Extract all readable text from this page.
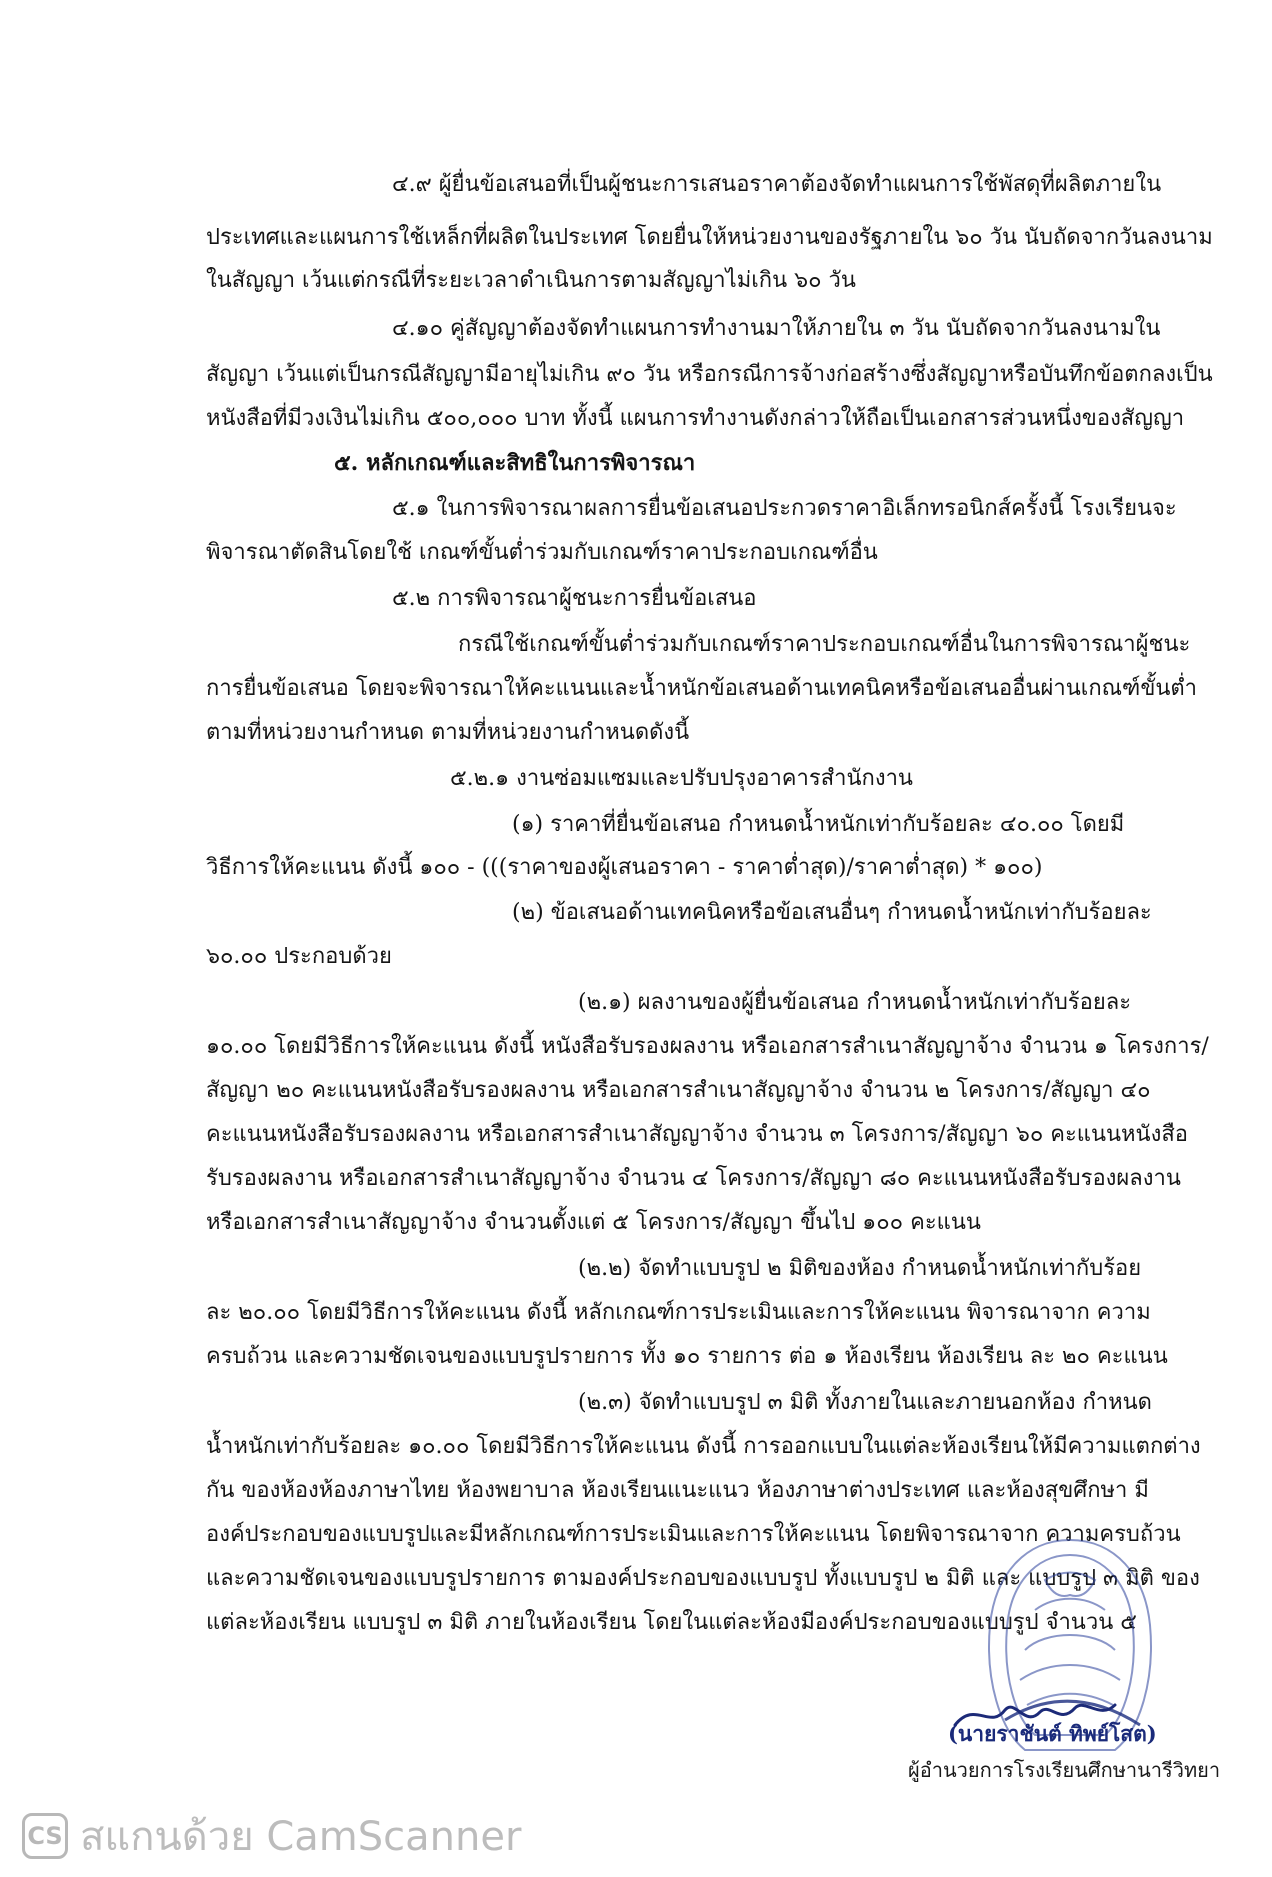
๔.๙ ผู้ยื่นข้อเสนอที่เป็นผู้ชนะการเสนอราคาต้องจัดทำแผนการใช้พัสดุที่ผลิตภายใน

ประเทศและแผนการใช้เหล็กที่ผลิตในประเทศ โดยยื่นให้หน่วยงานของรัฐภายใน ๖๐ วัน นับถัดจากวันลงนาม

ในสัญญา เว้นแต่กรณีที่ระยะเวลาดำเนินการตามสัญญาไม่เกิน ๖๐ วัน

๔.๑๐ คู่สัญญาต้องจัดทำแผนการทำงานมาให้ภายใน ๓ วัน นับถัดจากวันลงนามใน

สัญญา เว้นแต่เป็นกรณีสัญญามีอายุไม่เกิน ๙๐ วัน หรือกรณีการจ้างก่อสร้างซึ่งสัญญาหรือบันทึกข้อตกลงเป็น

หนังสือที่มีวงเงินไม่เกิน ๕๐๐,๐๐๐ บาท ทั้งนี้ แผนการทำงานดังกล่าวให้ถือเป็นเอกสารส่วนหนึ่งของสัญญา

๕. หลักเกณฑ์และสิทธิในการพิจารณา

๕.๑ ในการพิจารณาผลการยื่นข้อเสนอประกวดราคาอิเล็กทรอนิกส์ครั้งนี้ โรงเรียนจะ

พิจารณาตัดสินโดยใช้ เกณฑ์ขั้นต่ำร่วมกับเกณฑ์ราคาประกอบเกณฑ์อื่น

๕.๒ การพิจารณาผู้ชนะการยื่นข้อเสนอ

กรณีใช้เกณฑ์ขั้นต่ำร่วมกับเกณฑ์ราคาประกอบเกณฑ์อื่นในการพิจารณาผู้ชนะ

การยื่นข้อเสนอ โดยจะพิจารณาให้คะแนนและน้ำหนักข้อเสนอด้านเทคนิคหรือข้อเสนออื่นผ่านเกณฑ์ขั้นต่ำ

ตามที่หน่วยงานกำหนด ตามที่หน่วยงานกำหนดดังนี้

๕.๒.๑ งานซ่อมแซมและปรับปรุงอาคารสำนักงาน

(๑) ราคาที่ยื่นข้อเสนอ กำหนดน้ำหนักเท่ากับร้อยละ ๔๐.๐๐ โดยมี

วิธีการให้คะแนน ดังนี้ ๑๐๐ - (((ราคาของผู้เสนอราคา - ราคาต่ำสุด)/ราคาต่ำสุด) * ๑๐๐)

(๒) ข้อเสนอด้านเทคนิคหรือข้อเสนอื่นๆ กำหนดน้ำหนักเท่ากับร้อยละ

๖๐.๐๐ ประกอบด้วย

(๒.๑) ผลงานของผู้ยื่นข้อเสนอ กำหนดน้ำหนักเท่ากับร้อยละ

๑๐.๐๐ โดยมีวิธีการให้คะแนน ดังนี้ หนังสือรับรองผลงาน หรือเอกสารสำเนาสัญญาจ้าง จำนวน ๑ โครงการ/

สัญญา ๒๐ คะแนนหนังสือรับรองผลงาน หรือเอกสารสำเนาสัญญาจ้าง จำนวน ๒ โครงการ/สัญญา ๔๐

คะแนนหนังสือรับรองผลงาน หรือเอกสารสำเนาสัญญาจ้าง จำนวน ๓ โครงการ/สัญญา ๖๐ คะแนนหนังสือ

รับรองผลงาน หรือเอกสารสำเนาสัญญาจ้าง จำนวน ๔ โครงการ/สัญญา ๘๐ คะแนนหนังสือรับรองผลงาน

หรือเอกสารสำเนาสัญญาจ้าง จำนวนตั้งแต่ ๕ โครงการ/สัญญา ขึ้นไป ๑๐๐ คะแนน

(๒.๒) จัดทำแบบรูป ๒ มิติของห้อง กำหนดน้ำหนักเท่ากับร้อย

ละ ๒๐.๐๐ โดยมีวิธีการให้คะแนน ดังนี้ หลักเกณฑ์การประเมินและการให้คะแนน พิจารณาจาก ความ

ครบถ้วน และความชัดเจนของแบบรูปรายการ ทั้ง ๑๐ รายการ ต่อ ๑ ห้องเรียน ห้องเรียน ละ ๒๐ คะแนน

(๒.๓) จัดทำแบบรูป ๓ มิติ ทั้งภายในและภายนอกห้อง กำหนด

น้ำหนักเท่ากับร้อยละ ๑๐.๐๐ โดยมีวิธีการให้คะแนน ดังนี้ การออกแบบในแต่ละห้องเรียนให้มีความแตกต่าง

กัน ของห้องห้องภาษาไทย ห้องพยาบาล ห้องเรียนแนะแนว ห้องภาษาต่างประเทศ และห้องสุขศึกษา มี

องค์ประกอบของแบบรูปและมีหลักเกณฑ์การประเมินและการให้คะแนน โดยพิจารณาจาก ความครบถ้วน

และความชัดเจนของแบบรูปรายการ ตามองค์ประกอบของแบบรูป ทั้งแบบรูป ๒ มิติ และ แบบรูป ๓ มิติ ของ

แต่ละห้องเรียน แบบรูป ๓ มิติ ภายในห้องเรียน โดยในแต่ละห้องมีองค์ประกอบของแบบรูป จำนวน ๕

(นายราชันต์ ทิพย์โสต)
ผู้อำนวยการโรงเรียนศึกษานารีวิทยา
CS สแกนด้วย CamScanner
